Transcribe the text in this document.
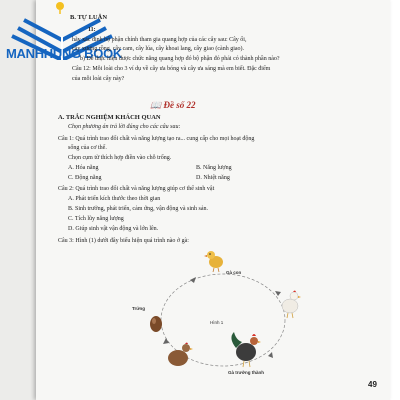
MANHHUNG BOOK
B. TỰ LUẬN
11:
hãy xác định bộ phận chính tham gia quang hợp của các cây sau: Cây ổi,
cây xương rồng, cây cam, cây lúa, cây khoai lang, cây giao (cành giao).
b) Để thực hiện được chức năng quang hợp đó bộ phận đó phải có thành phần nào?
Câu 12: Mỗi loài cho 3 ví dụ về cây ưa bóng và cây ưa sáng mà em biết. Đặc điểm
của mỗi loài cây này?
📖 Đề số 22
A. TRẮC NGHIỆM KHÁCH QUAN
Chọn phương án trả lời đúng cho các câu sau:
Câu 1: Quá trình trao đổi chất và năng lượng tạo ra... cung cấp cho mọi hoạt động
sống của cơ thể.
Chọn cụm từ thích hợp điền vào chỗ trống.
A. Hóa năng	B. Năng lượng
C. Động năng	D. Nhiệt năng
Câu 2: Quá trình trao đổi chất và năng lượng giúp cơ thể sinh vật
A. Phát triển kích thước theo thời gian
B. Sinh trưởng, phát triển, cảm ứng, vận động và sinh sản.
C. Tích lũy năng lượng
D. Giúp sinh vật vận động và lớn lên.
Câu 3: Hình (1) dưới đây biểu hiện quá trình nào ở gà:
Gà con
Trứng
Hình 1
Gà trưởng thành
49
